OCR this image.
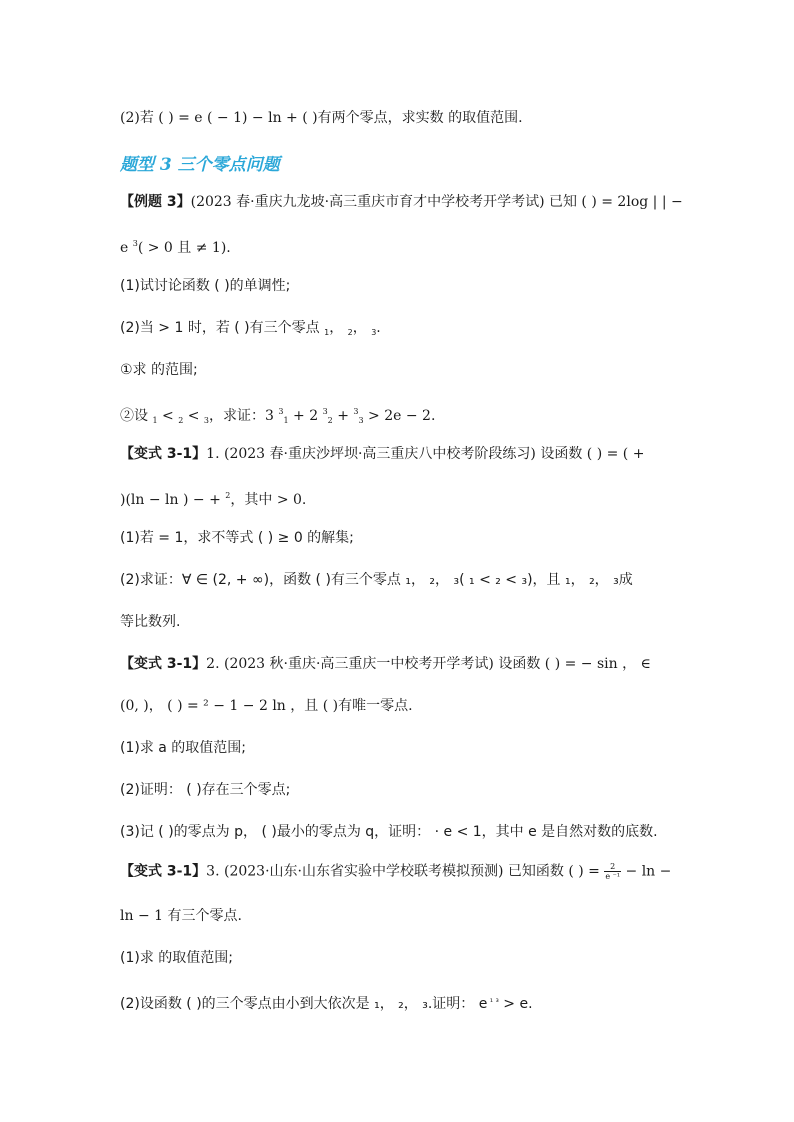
(2)若 ( ) = e ( − 1) − ln + ( )有两个零点，求实数 的取值范围.
题型 3 三个零点问题
【例题 3】(2023 春·重庆九龙坡·高三重庆市育才中学校考开学考试) 已知 ( ) = 2log | | −
e $^3$( > 0 且 ≠ 1).
(1)试讨论函数 ( )的单调性;
(2)当 > 1 时，若 ( )有三个零点 $_1$， $_2$， $_3$.
①求 的范围;
②设 $_1$ < $_2$ < $_3$，求证：3 $^3_1$ + 2 $^3_2$ + $^3_3$ > 2e − 2.
【变式 3-1】1. (2023 春·重庆沙坪坝·高三重庆八中校考阶段练习) 设函数 ( ) = ( +
)(ln − ln ) − + $^2$，其中 > 0.
(1)若 = 1，求不等式 ( ) ≥ 0 的解集;
(2)求证：∀ ∈ (2, + ∞)，函数 ( )有三个零点 ₁， ₂， ₃( ₁ < ₂ < ₃)，且 ₁， ₂， ₃成
等比数列.
【变式 3-1】2. (2023 秋·重庆·高三重庆一中校考开学考试) 设函数 ( ) = − sin ， ∈
(0, )， ( ) = ² − 1 − 2 ln ，且 ( )有唯一零点.
(1)求 a 的取值范围;
(2)证明： ( )存在三个零点;
(3)记 ( )的零点为 p， ( )最小的零点为 q，证明： · e < 1，其中 e 是自然对数的底数.
【变式 3-1】3. (2023·山东·山东省实验中学校联考模拟预测) 已知函数 ( ) = $\frac{2}{\text{e ⁻¹}} - \ln$ −
ln − 1 有三个零点.
(1)求 的取值范围;
(2)设函数 ( )的三个零点由小到大依次是 ₁， ₂， ₃.证明： e $^{_1 _3}$ > e.
